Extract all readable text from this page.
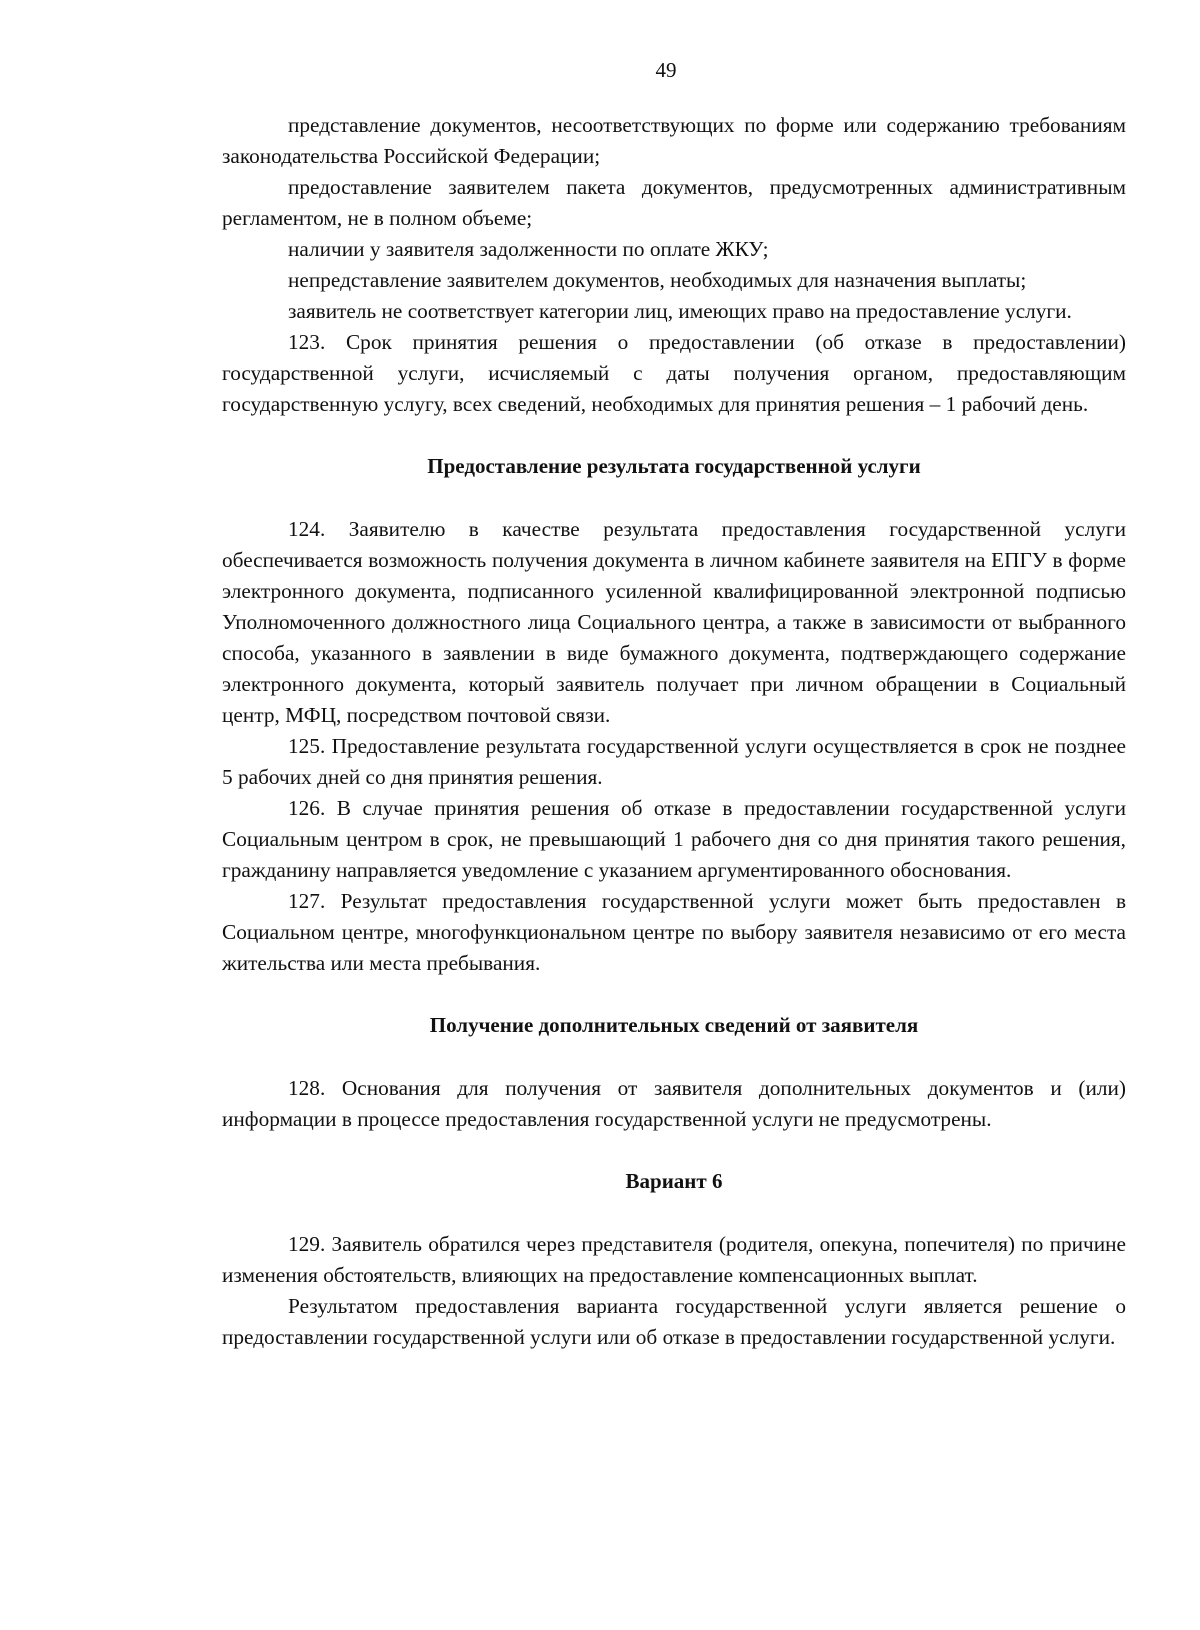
49

представление документов, несоответствующих по форме или содержанию требованиям законодательства Российской Федерации;

предоставление заявителем пакета документов, предусмотренных административным регламентом, не в полном объеме;

наличии у заявителя задолженности по оплате ЖКУ;

непредставление заявителем документов, необходимых для назначения выплаты;

заявитель не соответствует категории лиц, имеющих право на предоставление услуги.

123. Срок принятия решения о предоставлении (об отказе в предоставлении) государственной услуги, исчисляемый с даты получения органом, предоставляющим государственную услугу, всех сведений, необходимых для принятия решения – 1 рабочий день.

Предоставление результата государственной услуги

124. Заявителю в качестве результата предоставления государственной услуги обеспечивается возможность получения документа в личном кабинете заявителя на ЕПГУ в форме электронного документа, подписанного усиленной квалифицированной электронной подписью Уполномоченного должностного лица Социального центра, а также в зависимости от выбранного способа, указанного в заявлении в виде бумажного документа, подтверждающего содержание электронного документа, который заявитель получает при личном обращении в Социальный центр, МФЦ, посредством почтовой связи.

125. Предоставление результата государственной услуги осуществляется в срок не позднее 5 рабочих дней со дня принятия решения.

126. В случае принятия решения об отказе в предоставлении государственной услуги Социальным центром в срок, не превышающий 1 рабочего дня со дня принятия такого решения, гражданину направляется уведомление с указанием аргументированного обоснования.

127. Результат предоставления государственной услуги может быть предоставлен в Социальном центре, многофункциональном центре по выбору заявителя независимо от его места жительства или места пребывания.

Получение дополнительных сведений от заявителя

128. Основания для получения от заявителя дополнительных документов и (или) информации в процессе предоставления государственной услуги не предусмотрены.

Вариант 6

129. Заявитель обратился через представителя (родителя, опекуна, попечителя) по причине изменения обстоятельств, влияющих на предоставление компенсационных выплат.

Результатом предоставления варианта государственной услуги является решение о предоставлении государственной услуги или об отказе в предоставлении государственной услуги.
